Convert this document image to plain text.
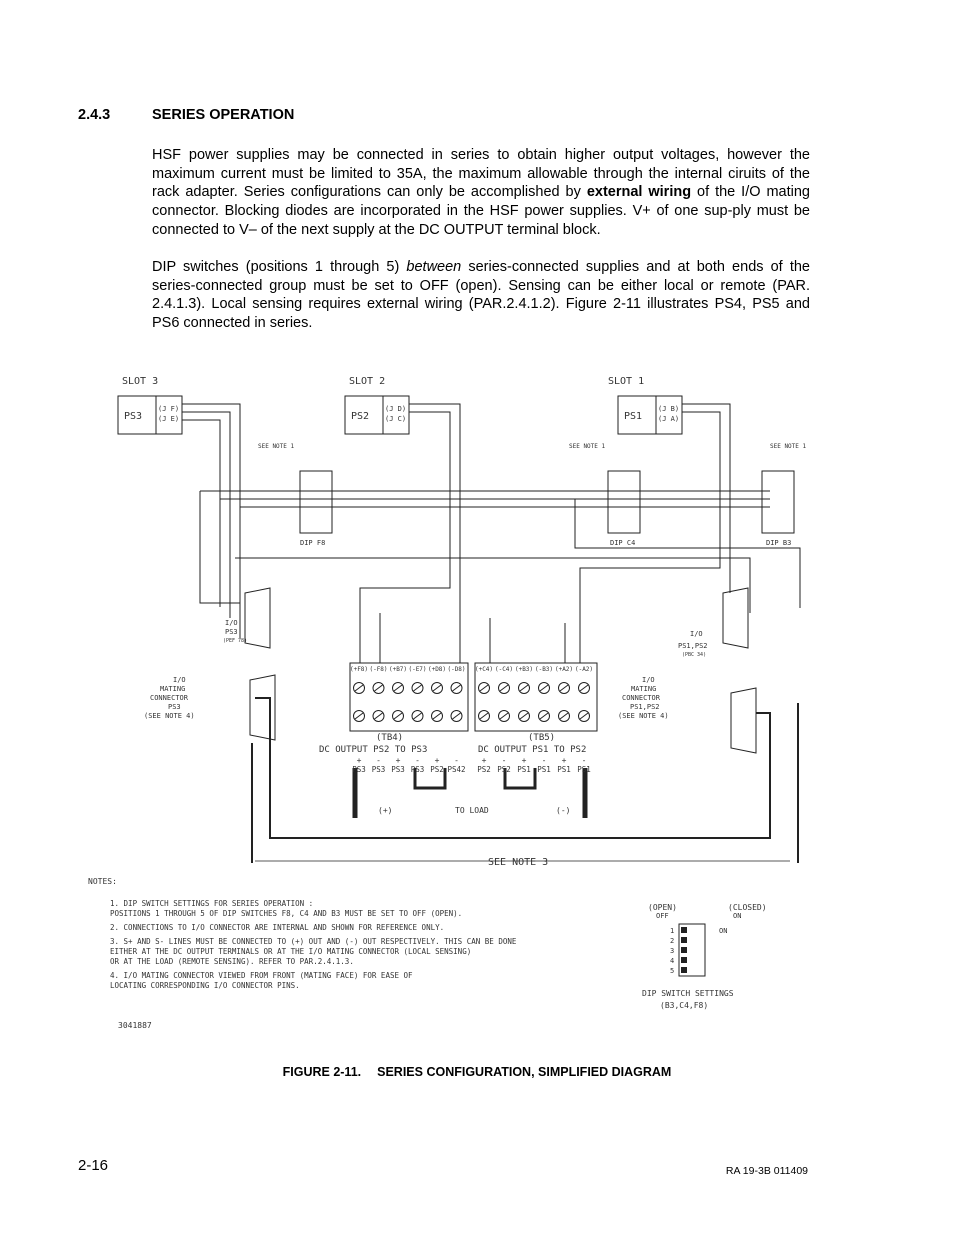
2.4.3	SERIES OPERATION

HSF power supplies may be connected in series to obtain higher output voltages, however the maximum current must be limited to 35A, the maximum allowable through the internal ciruits of the rack adapter. Series configurations can only be accomplished by external wiring of the I/O mating connector. Blocking diodes are incorporated in the HSF power supplies. V+ of one sup-ply must be connected to V– of the next supply at the DC OUTPUT terminal block.

DIP switches (positions 1 through 5) between series-connected supplies and at both ends of the series-connected group must be set to OFF (open). Sensing can be either local or remote (PAR. 2.4.1.3). Local sensing requires external wiring (PAR.2.4.1.2). Figure 2-11 illustrates PS4, PS5 and PS6 connected in series.

SLOT 3	SLOT 2	SLOT 1
PS3	PS2	PS1
(J F)
(J E)
(J D)
(J C)
(J B)
(J A)
SEE NOTE 1	SEE NOTE 1	SEE NOTE 1
DIP F8	DIP C4	DIP B3
I/O
PS3
(PEF 78)
I/O
PS1,PS2
(PBC 34)
I/O
MATING
CONNECTOR
PS3
(SEE NOTE 4)
I/O
MATING
CONNECTOR
PS1,PS2
(SEE NOTE 4)
(TB4)	(TB5)
DC OUTPUT PS2 TO PS3	DC OUTPUT PS1 TO PS2
(+)	TO LOAD	(-)
SEE NOTE 3
NOTES:
1. DIP SWITCH SETTINGS FOR SERIES OPERATION :
POSITIONS 1 THROUGH 5 OF DIP SWITCHES F8, C4 AND B3 MUST BE SET TO OFF (OPEN).
2. CONNECTIONS TO I/O CONNECTOR ARE INTERNAL AND SHOWN FOR REFERENCE ONLY.
3. S+ AND S- LINES MUST BE CONNECTED TO (+) OUT AND (-) OUT RESPECTIVELY. THIS CAN BE DONE
EITHER AT THE DC OUTPUT TERMINALS OR AT THE I/O MATING CONNECTOR (LOCAL SENSING)
OR AT THE LOAD (REMOTE SENSING). REFER TO PAR.2.4.1.3.
4. I/O MATING CONNECTOR VIEWED FROM FRONT (MATING FACE) FOR EASE OF
LOCATING CORRESPONDING I/O CONNECTOR PINS.
3041887
(OPEN)
OFF
(CLOSED)
ON
ON
1
2
3
4
5
DIP SWITCH SETTINGS
(B3,C4,F8)
(+F8) (-F8) (+B7) (-E7) (+D8) (-D8) (+C4) (-C4) (+B3) (-B3) (+A2) (-A2)
+ - + - + -	+ - + - + -
PS3 PS3 PS3 PS3 PS2 PS42 PS2 PS2 PS1 PS1 PS1 PS1
FIGURE 2-11. SERIES CONFIGURATION, SIMPLIFIED DIAGRAM
2-16	RA 19-3B 011409
